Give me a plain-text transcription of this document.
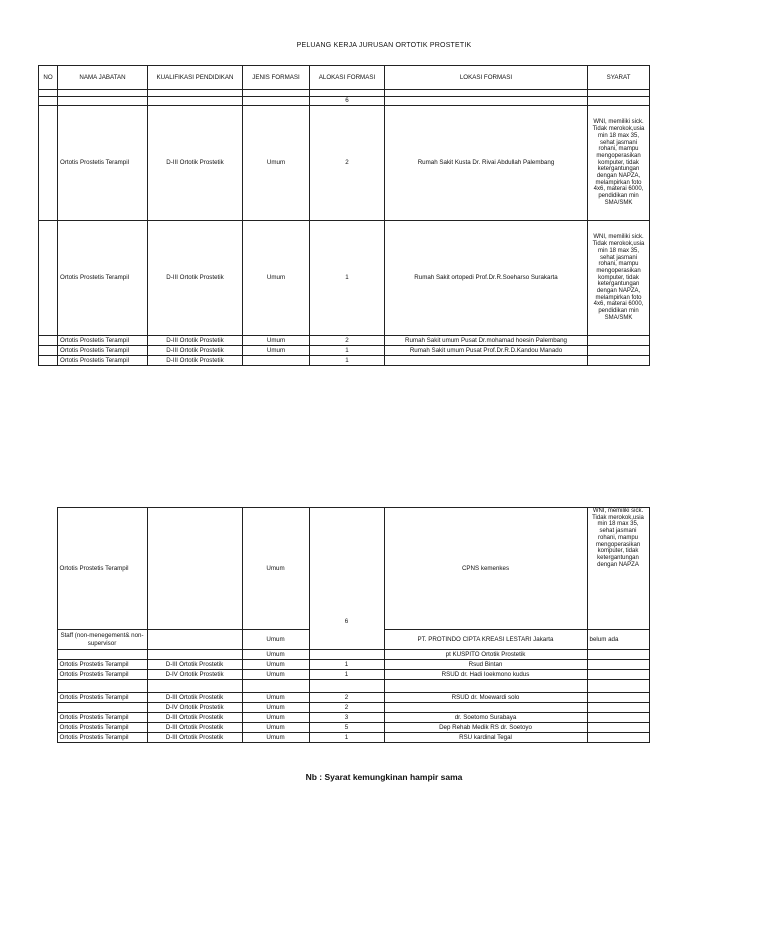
PELUANG KERJA JURUSAN ORTOTIK PROSTETIK
NO	NAMA JABATAN	KUALIFIKASI PENDIDIKAN	JENIS FORMASI	ALOKASI FORMASI	LOKASI FORMASI	SYARAT

				6		
	Ortotis Prostetis Terampil	D-III Ortotik Prostetik	Umum	2	Rumah Sakit Kusta Dr. Rivai Abdullah Palembang	WNI, memiliki sick. Tidak merokok,usia min 18 max 35, sehat jasmani rohani, mampu mengoperasikan komputer, tidak ketergantungan dengan NAPZA, melampirkan foto 4x6, materai 6000, pendidikan min SMA/SMK
	Ortotis Prostetis Terampil	D-III Ortotik Prostetik	Umum	1	Rumah Sakit ortopedi Prof.Dr.R.Soeharso Surakarta	WNI, memiliki sick. Tidak merokok,usia min 18 max 35, sehat jasmani rohani, mampu mengoperasikan komputer, tidak ketergantungan dengan NAPZA, melampirkan foto 4x6, materai 6000, pendidikan min SMA/SMK
	Ortotis Prostetis Terampil	D-III Ortotik Prostetik	Umum	2	Rumah Sakit umum Pusat Dr.mohamad hoesin Palembang	
	Ortotis Prostetis Terampil	D-III Ortotik Prostetik	Umum	1	Rumah Sakit umum Pusat Prof.Dr.R.D.Kandou Manado	
	Ortotis Prostetis Terampil	D-III Ortotik Prostetik		1		
	Ortotis Prostetis Terampil		Umum	6	CPNS kemenkes	WNI, memiliki sick. Tidak merokok,usia min 18 max 35, sehat jasmani rohani, mampu mengoperasikan komputer, tidak ketergantungan dengan NAPZA
	Staff (non-menegement& non-supervisor		Umum		PT. PROTINDO CIPTA KREASI LESTARI Jakarta	belum ada
			Umum		pt KUSPITO Ortotik Prostetik	
	Ortotis Prostetis Terampil	D-III Ortotik Prostetik	Umum	1	Rsud Bintan	
	Ortotis Prostetis Terampil	D-IV Ortotik Prostetik	Umum	1	RSUD dr. Hadi Ioekmono kudus	

	Ortotis Prostetis Terampil	D-III Ortotik Prostetik	Umum	2	RSUD dr. Moewardi solo	
		D-IV Ortotik Prostetik	Umum	2		
	Ortotis Prostetis Terampil	D-III Ortotik Prostetik	Umum	3	dr. Soetomo Surabaya	
	Ortotis Prostetis Terampil	D-III Ortotik Prostetik	Umum	5	Dep Rehab Medik RS dr. Soetoyo	
	Ortotis Prostetis Terampil	D-III Ortotik Prostetik	Umum	1	RSU kardinal Tegal	
Nb : Syarat kemungkinan hampir sama
